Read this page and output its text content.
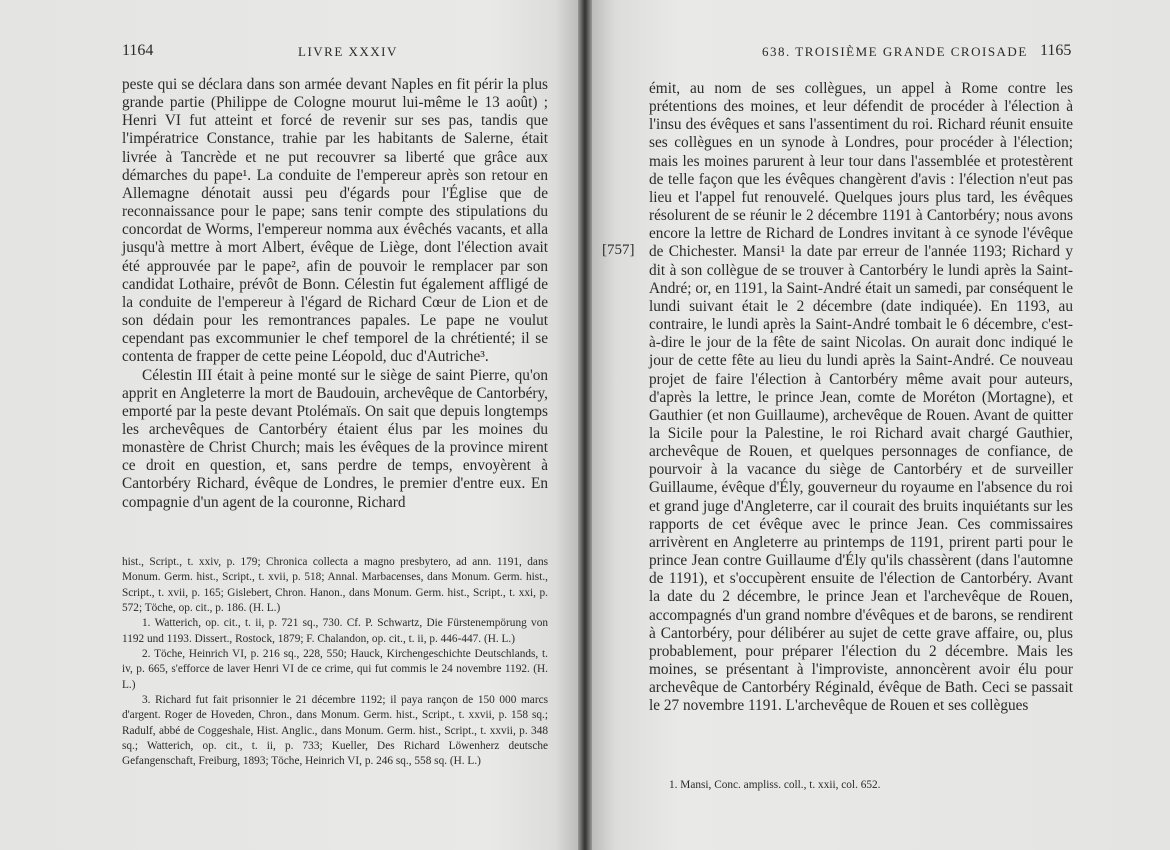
1164	LIVRE XXXIV

peste qui se déclara dans son armée devant Naples en fit périr la plus grande partie (Philippe de Cologne mourut lui-même le 13 août) ; Henri VI fut atteint et forcé de revenir sur ses pas, tandis que l'impératrice Constance, trahie par les habitants de Salerne, était livrée à Tancrède et ne put recouvrer sa liberté que grâce aux démarches du pape¹. La conduite de l'empereur après son retour en Allemagne dénotait aussi peu d'égards pour l'Église que de reconnaissance pour le pape; sans tenir compte des stipulations du concordat de Worms, l'empereur nomma aux évêchés vacants, et alla jusqu'à mettre à mort Albert, évêque de Liège, dont l'élection avait été approuvée par le pape², afin de pouvoir le remplacer par son candidat Lothaire, prévôt de Bonn. Célestin fut également affligé de la conduite de l'empereur à l'égard de Richard Cœur de Lion et de son dédain pour les remontrances papales. Le pape ne voulut cependant pas excommunier le chef temporel de la chrétienté; il se contenta de frapper de cette peine Léopold, duc d'Autriche³.

Célestin III était à peine monté sur le siège de saint Pierre, qu'on apprit en Angleterre la mort de Baudouin, archevêque de Cantorbéry, emporté par la peste devant Ptolémaïs. On sait que depuis longtemps les archevêques de Cantorbéry étaient élus par les moines du monastère de Christ Church; mais les évêques de la province mirent ce droit en question, et, sans perdre de temps, envoyèrent à Cantorbéry Richard, évêque de Londres, le premier d'entre eux. En compagnie d'un agent de la couronne, Richard

hist., Script., t. xxiv, p. 179; Chronica collecta a magno presbytero, ad ann. 1191, dans Monum. Germ. hist., Script., t. xvii, p. 518; Annal. Marbacenses, dans Monum. Germ. hist., Script., t. xvii, p. 165; Gislebert, Chron. Hanon., dans Monum. Germ. hist., Script., t. xxi, p. 572; Töche, op. cit., p. 186. (H. L.)

1. Watterich, op. cit., t. ii, p. 721 sq., 730. Cf. P. Schwartz, Die Fürstenempörung von 1192 und 1193. Dissert., Rostock, 1879; F. Chalandon, op. cit., t. ii, p. 446-447. (H. L.)

2. Töche, Heinrich VI, p. 216 sq., 228, 550; Hauck, Kirchengeschichte Deutschlands, t. iv, p. 665, s'efforce de laver Henri VI de ce crime, qui fut commis le 24 novembre 1192. (H. L.)

3. Richard fut fait prisonnier le 21 décembre 1192; il paya rançon de 150 000 marcs d'argent. Roger de Hoveden, Chron., dans Monum. Germ. hist., Script., t. xxvii, p. 158 sq.; Radulf, abbé de Coggeshale, Hist. Anglic., dans Monum. Germ. hist., Script., t. xxvii, p. 348 sq.; Watterich, op. cit., t. ii, p. 733; Kueller, Des Richard Löwenherz deutsche Gefangenschaft, Freiburg, 1893; Töche, Heinrich VI, p. 246 sq., 558 sq. (H. L.)

638. TROISIÈME GRANDE CROISADE 1165
[757]

émit, au nom de ses collègues, un appel à Rome contre les prétentions des moines, et leur défendit de procéder à l'élection à l'insu des évêques et sans l'assentiment du roi. Richard réunit ensuite ses collègues en un synode à Londres, pour procéder à l'élection; mais les moines parurent à leur tour dans l'assemblée et protestèrent de telle façon que les évêques changèrent d'avis : l'élection n'eut pas lieu et l'appel fut renouvelé. Quelques jours plus tard, les évêques résolurent de se réunir le 2 décembre 1191 à Cantorbéry; nous avons encore la lettre de Richard de Londres invitant à ce synode l'évêque de Chichester. Mansi¹ la date par erreur de l'année 1193; Richard y dit à son collègue de se trouver à Cantorbéry le lundi après la Saint-André; or, en 1191, la Saint-André était un samedi, par conséquent le lundi suivant était le 2 décembre (date indiquée). En 1193, au contraire, le lundi après la Saint-André tombait le 6 décembre, c'est-à-dire le jour de la fête de saint Nicolas. On aurait donc indiqué le jour de cette fête au lieu du lundi après la Saint-André. Ce nouveau projet de faire l'élection à Cantorbéry même avait pour auteurs, d'après la lettre, le prince Jean, comte de Moréton (Mortagne), et Gauthier (et non Guillaume), archevêque de Rouen. Avant de quitter la Sicile pour la Palestine, le roi Richard avait chargé Gauthier, archevêque de Rouen, et quelques personnages de confiance, de pourvoir à la vacance du siège de Cantorbéry et de surveiller Guillaume, évêque d'Ély, gouverneur du royaume en l'absence du roi et grand juge d'Angleterre, car il courait des bruits inquiétants sur les rapports de cet évêque avec le prince Jean. Ces commissaires arrivèrent en Angleterre au printemps de 1191, prirent parti pour le prince Jean contre Guillaume d'Ély qu'ils chassèrent (dans l'automne de 1191), et s'occupèrent ensuite de l'élection de Cantorbéry. Avant la date du 2 décembre, le prince Jean et l'archevêque de Rouen, accompagnés d'un grand nombre d'évêques et de barons, se rendirent à Cantorbéry, pour délibérer au sujet de cette grave affaire, ou, plus probablement, pour préparer l'élection du 2 décembre. Mais les moines, se présentant à l'improviste, annoncèrent avoir élu pour archevêque de Cantorbéry Réginald, évêque de Bath. Ceci se passait le 27 novembre 1191. L'archevêque de Rouen et ses collègues

1. Mansi, Conc. ampliss. coll., t. xxii, col. 652.
